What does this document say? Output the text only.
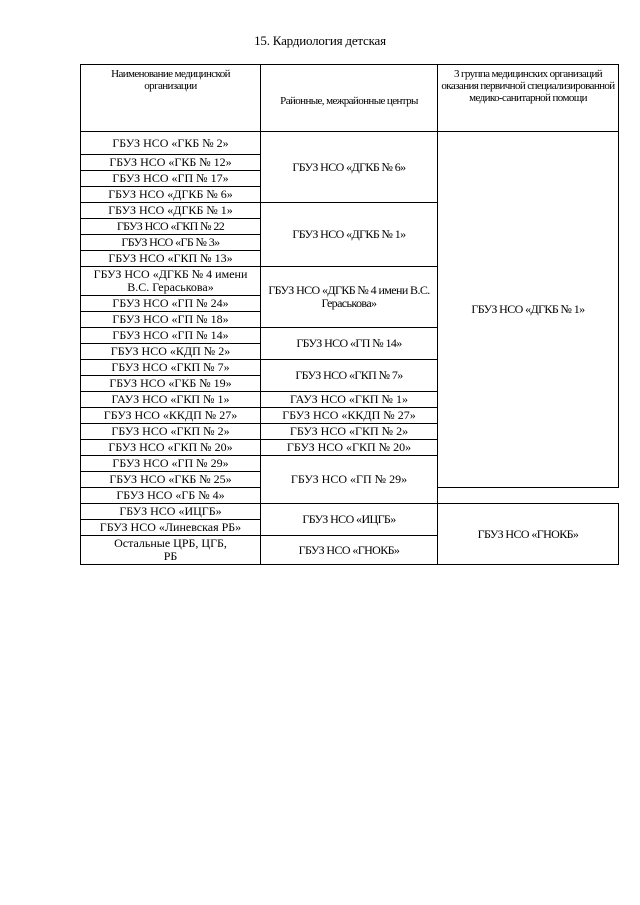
15. Кардиология детская
Наименование медицинской организации	Районные, межрайонные центры	3 группа медицинских организаций оказания первичной специализированной медико-санитарной помощи
ГБУЗ НСО «ГКБ № 2»	ГБУЗ НСО «ДГКБ № 6»	ГБУЗ НСО «ДГКБ № 1»
ГБУЗ НСО «ГКБ № 12»		
ГБУЗ НСО «ГП № 17»		
ГБУЗ НСО «ДГКБ № 6»		
ГБУЗ НСО «ДГКБ № 1»	ГБУЗ НСО «ДГКБ № 1»	
ГБУЗ НСО «ГКП № 22		
ГБУЗ НСО «ГБ № 3»		
ГБУЗ НСО «ГКП № 13»		
ГБУЗ НСО «ДГКБ № 4 имени В.С. Гераськова»	ГБУЗ НСО «ДГКБ № 4 имени В.С. Гераськова»	
ГБУЗ НСО «ГП № 24»		
ГБУЗ НСО «ГП № 18»		
ГБУЗ НСО «ГП № 14»	ГБУЗ НСО «ГП № 14»	
ГБУЗ НСО «КДП № 2»		
ГБУЗ НСО «ГКП № 7»	ГБУЗ НСО «ГКП № 7»	
ГБУЗ НСО «ГКБ № 19»		
ГАУЗ НСО «ГКП № 1»	ГАУЗ НСО «ГКП № 1»	
ГБУЗ НСО «ККДП № 27»	ГБУЗ НСО «ККДП № 27»	
ГБУЗ НСО «ГКП № 2»	ГБУЗ НСО «ГКП № 2»	
ГБУЗ НСО «ГКП № 20»	ГБУЗ НСО «ГКП № 20»	
ГБУЗ НСО «ГП № 29»	ГБУЗ НСО «ГП № 29»	
ГБУЗ НСО «ГКБ № 25»		
ГБУЗ НСО «ГБ № 4»		
ГБУЗ НСО «ИЦГБ»	ГБУЗ НСО «ИЦГБ»	ГБУЗ НСО «ГНОКБ»
ГБУЗ НСО «Линевская РБ»		
Остальные ЦРБ, ЦГБ, РБ	ГБУЗ НСО «ГНОКБ»	
